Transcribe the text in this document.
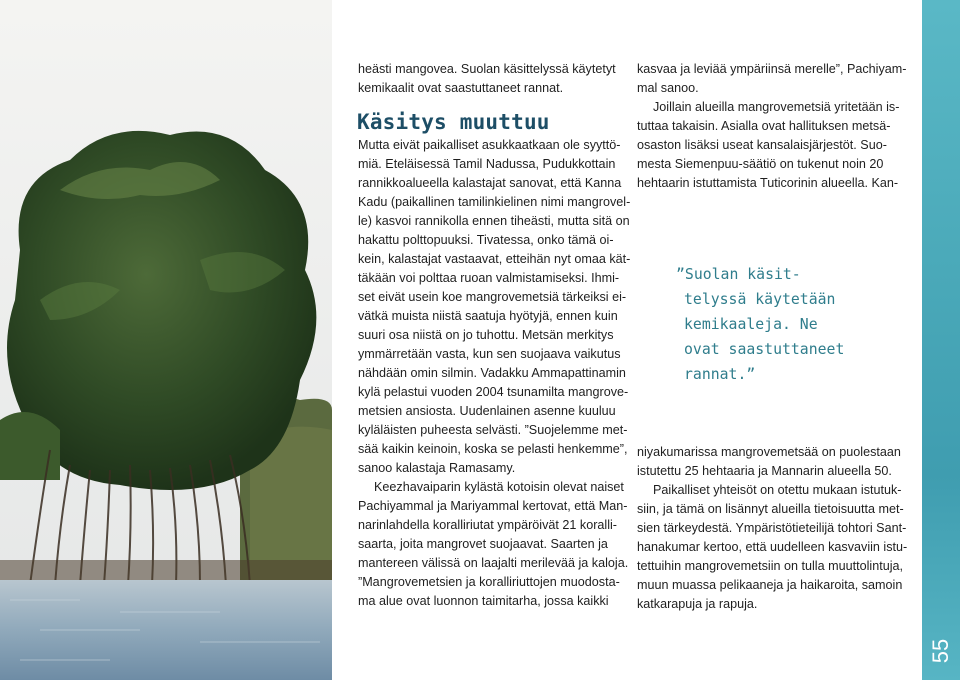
heästi mangovea. Suolan käsittelyssä käytetyt
kemikaalit ovat saastuttaneet rannat.

Mutta eivät paikalliset asukkaatkaan ole syyttö-
miä. Eteläisessä Tamil Nadussa, Pudukkottain
rannikkoalueella kalastajat sanovat, että Kanna
Kadu (paikallinen tamilinkielinen nimi mangrovel-
le) kasvoi rannikolla ennen tiheästi, mutta sitä on
hakattu polttopuuksi. Tivatessa, onko tämä oi-
kein, kalastajat vastaavat, etteihän nyt omaa kät-
täkään voi polttaa ruoan valmistamiseksi. Ihmi-
set eivät usein koe mangrovemetsiä tärkeiksi ei-
vätkä muista niistä saatuja hyötyjä, ennen kuin
suuri osa niistä on jo tuhottu. Metsän merkitys
ymmärretään vasta, kun sen suojaava vaikutus
nähdään omin silmin. Vadakku Ammapattinamin
kylä pelastui vuoden 2004 tsunamilta mangrove-
metsien ansiosta. Uudenlainen asenne kuuluu
kyläläisten puheesta selvästi. ”Suojelemme met-
sää kaikin keinoin, koska se pelasti henkemme”,
sanoo kalastaja Ramasamy.

Keezhavaiparin kylästä kotoisin olevat naiset
Pachiyammal ja Mariyammal kertovat, että Man-
narinlahdella koralliriutat ympäröivät 21 koralli-
saarta, joita mangrovet suojaavat. Saarten ja
mantereen välissä on laajalti merilevää ja kaloja.
”Mangrovemetsien ja koralliriuttojen muodosta-
ma alue ovat luonnon taimitarha, jossa kaikki

Käsitys muuttuu

kasvaa ja leviää ympäriinsä merelle”, Pachiyam-
mal sanoo.

Joillain alueilla mangrovemetsiä yritetään is-
tuttaa takaisin. Asialla ovat hallituksen metsä-
osaston lisäksi useat kansalaisjärjestöt. Suo-
mesta Siemenpuu-säätiö on tukenut noin 20
hehtaarin istuttamista Tuticorinin alueella. Kan-

”Suolan käsit-
telyssä käytetään
kemikaaleja. Ne
ovat saastuttaneet
rannat.”

niyakumarissa mangrovemetsää on puolestaan
istutettu 25 hehtaaria ja Mannarin alueella 50.

Paikalliset yhteisöt on otettu mukaan istutuk-
siin, ja tämä on lisännyt alueilla tietoisuutta met-
sien tärkeydestä. Ympäristötieteilijä tohtori Sant-
hanakumar kertoo, että uudelleen kasvaviin istu-
tettuihin mangrovemetsiin on tulla muuttolintuja,
muun muassa pelikaaneja ja haikaroita, samoin
katkarapuja ja rapuja.

55
